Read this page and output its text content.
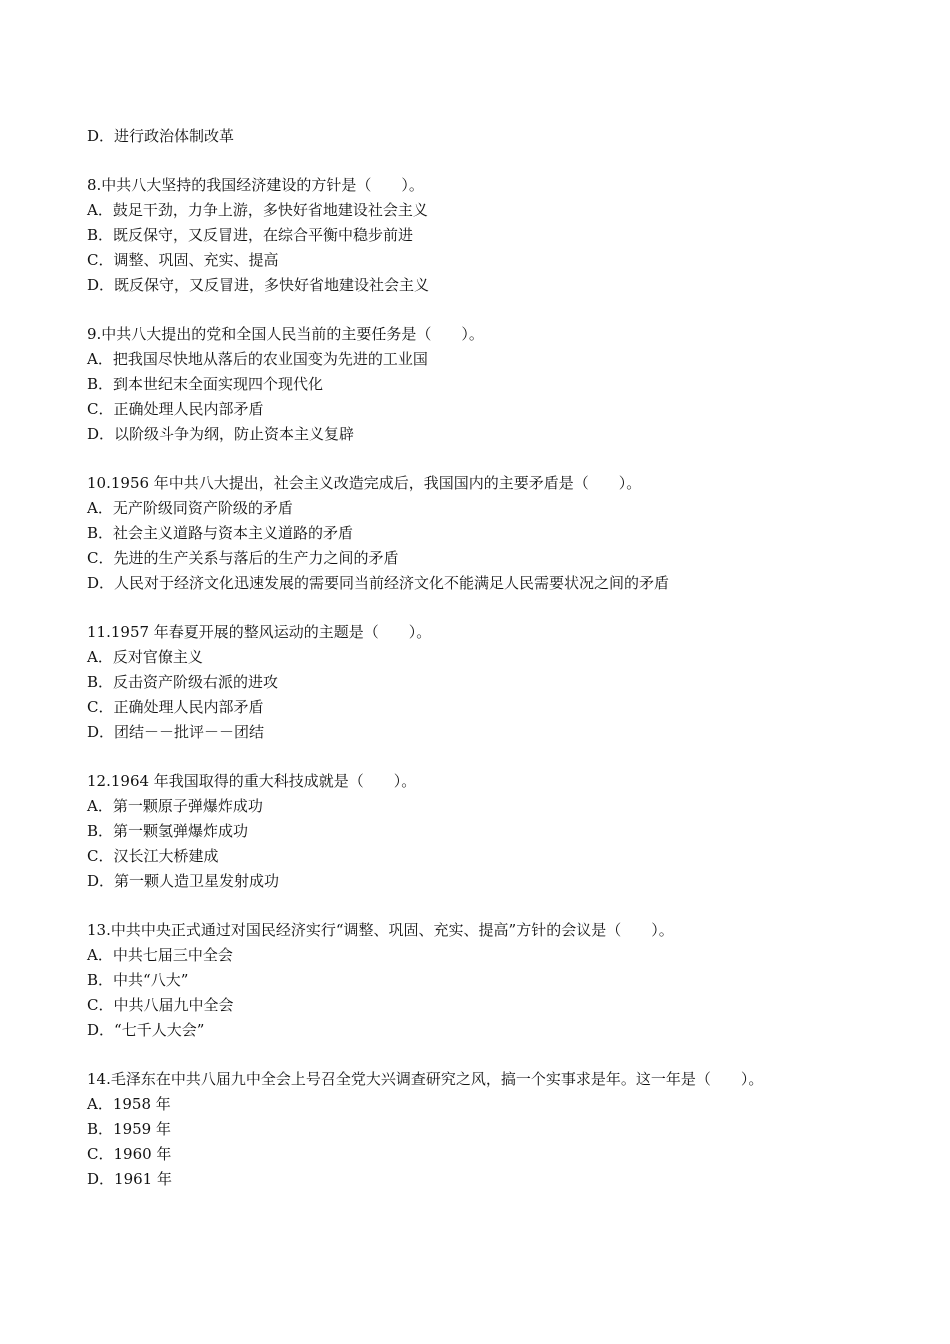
D．进行政治体制改革
8.中共八大坚持的我国经济建设的方针是（　　）。
A．鼓足干劲，力争上游，多快好省地建设社会主义
B．既反保守，又反冒进，在综合平衡中稳步前进
C．调整、巩固、充实、提高
D．既反保守，又反冒进，多快好省地建设社会主义
9.中共八大提出的党和全国人民当前的主要任务是（　　）。
A．把我国尽快地从落后的农业国变为先进的工业国
B．到本世纪末全面实现四个现代化
C．正确处理人民内部矛盾
D．以阶级斗争为纲，防止资本主义复辟
10.1956 年中共八大提出，社会主义改造完成后，我国国内的主要矛盾是（　　）。
A．无产阶级同资产阶级的矛盾
B．社会主义道路与资本主义道路的矛盾
C．先进的生产关系与落后的生产力之间的矛盾
D．人民对于经济文化迅速发展的需要同当前经济文化不能满足人民需要状况之间的矛盾
11.1957 年春夏开展的整风运动的主题是（　　）。
A．反对官僚主义
B．反击资产阶级右派的进攻
C．正确处理人民内部矛盾
D．团结－－批评－－团结
12.1964 年我国取得的重大科技成就是（　　）。
A．第一颗原子弹爆炸成功
B．第一颗氢弹爆炸成功
C．汉长江大桥建成
D．第一颗人造卫星发射成功
13.中共中央正式通过对国民经济实行“调整、巩固、充实、提高”方针的会议是（　　）。
A．中共七届三中全会
B．中共“八大”
C．中共八届九中全会
D．“七千人大会”
14.毛泽东在中共八届九中全会上号召全党大兴调查研究之风，搞一个实事求是年。这一年是（　　）。
A．1958 年
B．1959 年
C．1960 年
D．1961 年
